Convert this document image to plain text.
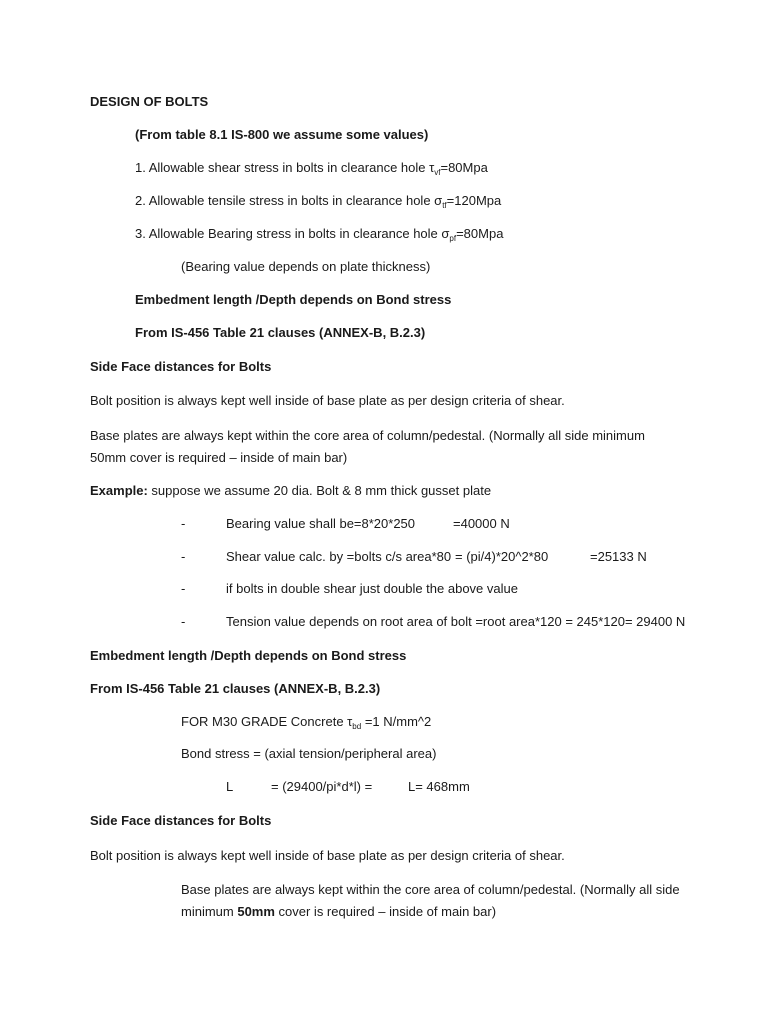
DESIGN OF BOLTS
(From table 8.1 IS-800 we assume some values)
1. Allowable shear stress in bolts in clearance hole $\tau_{vf}=80Mpa$
2. Allowable tensile stress in bolts in clearance hole $\sigma_{tf}=120Mpa$
3. Allowable Bearing stress in bolts in clearance hole $\sigma_{pf}=80Mpa$
(Bearing value depends on plate thickness)
Embedment length /Depth depends on Bond stress
From IS-456 Table 21 clauses (ANNEX-B, B.2.3)
Side Face distances for Bolts
Bolt position is always kept well inside of base plate as per design criteria of shear.
Base plates are always kept within the core area of column/pedestal. (Normally all side minimum 50mm cover is required – inside of main bar)
Example: suppose we assume 20 dia. Bolt & 8 mm thick gusset plate
-	Bearing value shall be=8*20*250	=40000 N
-	Shear value calc. by =bolts c/s area*80 = (pi/4)*20^2*80	=25133 N
-	if bolts in double shear just double the above value
-	Tension value depends on root area of bolt =root area*120 = 245*120= 29400 N
Embedment length /Depth depends on Bond stress
From IS-456 Table 21 clauses (ANNEX-B, B.2.3)
FOR M30 GRADE Concrete $\tau_{bd} =1$ N/mm^2
Bond stress = (axial tension/peripheral area)
L	= (29400/pi*d*l) =	L= 468mm
Side Face distances for Bolts
Bolt position is always kept well inside of base plate as per design criteria of shear.
Base plates are always kept within the core area of column/pedestal. (Normally all side minimum 50mm cover is required – inside of main bar)
